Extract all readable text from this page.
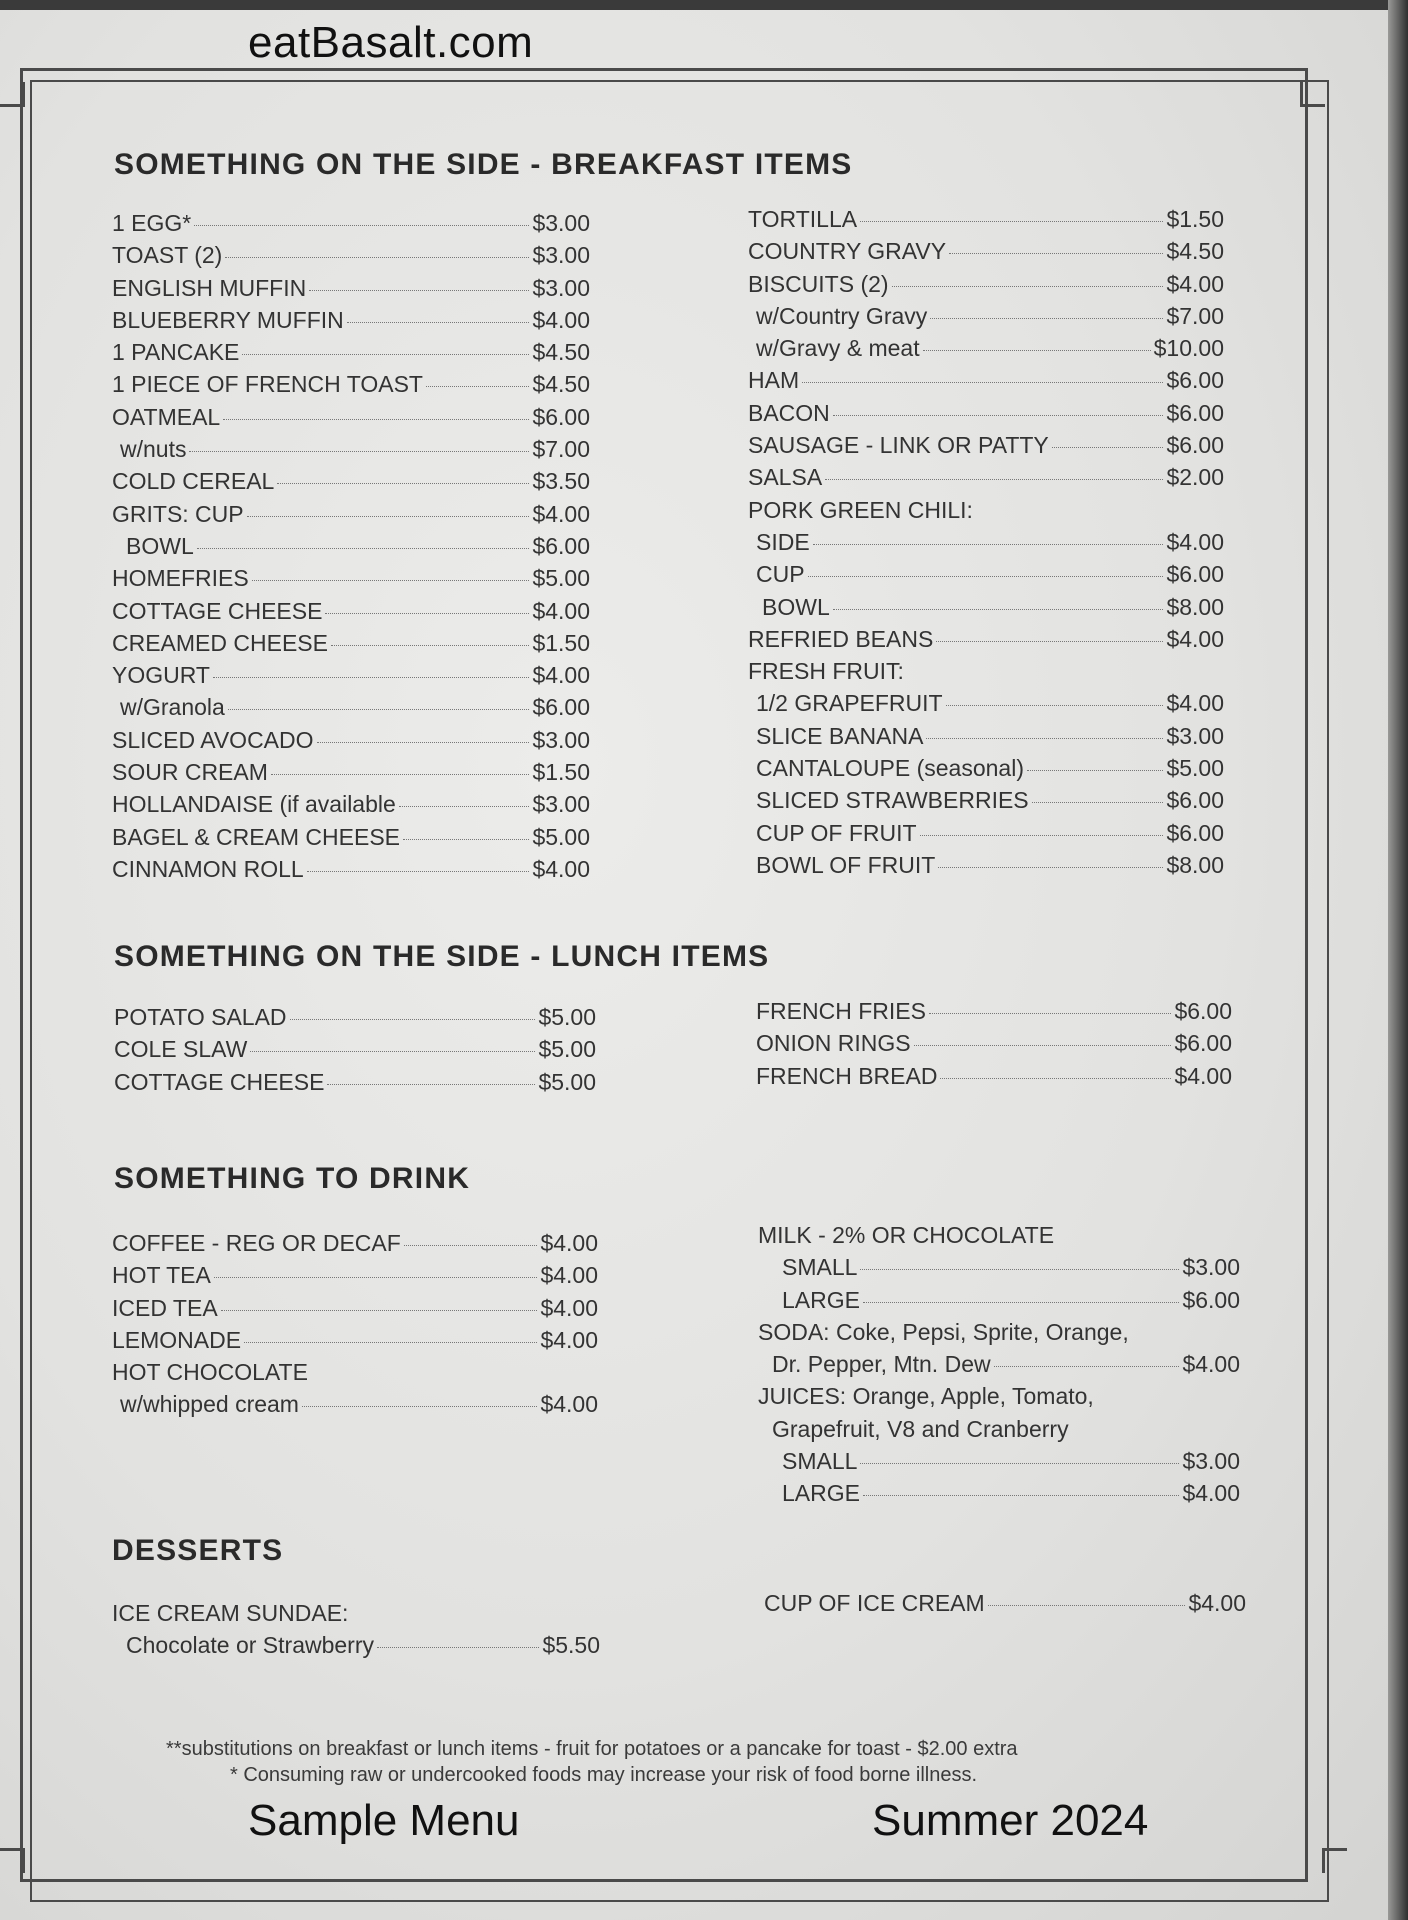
eatBasalt.com
SOMETHING ON THE SIDE - BREAKFAST ITEMS
1 EGG*	$3.00
TOAST (2)	$3.00
ENGLISH MUFFIN	$3.00
BLUEBERRY MUFFIN	$4.00
1 PANCAKE	$4.50
1 PIECE OF FRENCH TOAST	$4.50
OATMEAL	$6.00
w/nuts	$7.00
COLD CEREAL	$3.50
GRITS: CUP	$4.00
BOWL	$6.00
HOMEFRIES	$5.00
COTTAGE CHEESE	$4.00
CREAMED CHEESE	$1.50
YOGURT	$4.00
w/Granola	$6.00
SLICED AVOCADO	$3.00
SOUR CREAM	$1.50
HOLLANDAISE (if available	$3.00
BAGEL & CREAM CHEESE	$5.00
CINNAMON ROLL	$4.00
TORTILLA	$1.50
COUNTRY GRAVY	$4.50
BISCUITS (2)	$4.00
w/Country Gravy	$7.00
w/Gravy & meat	$10.00
HAM	$6.00
BACON	$6.00
SAUSAGE - LINK OR PATTY	$6.00
SALSA	$2.00
PORK GREEN CHILI:
SIDE	$4.00
CUP	$6.00
BOWL	$8.00
REFRIED BEANS	$4.00
FRESH FRUIT:
1/2 GRAPEFRUIT	$4.00
SLICE BANANA	$3.00
CANTALOUPE (seasonal)	$5.00
SLICED STRAWBERRIES	$6.00
CUP OF FRUIT	$6.00
BOWL OF FRUIT	$8.00
SOMETHING ON THE SIDE - LUNCH ITEMS
POTATO SALAD	$5.00
COLE SLAW	$5.00
COTTAGE CHEESE	$5.00
FRENCH FRIES	$6.00
ONION RINGS	$6.00
FRENCH BREAD	$4.00
SOMETHING TO DRINK
COFFEE - REG OR DECAF	$4.00
HOT TEA	$4.00
ICED TEA	$4.00
LEMONADE	$4.00
HOT CHOCOLATE
w/whipped cream	$4.00
MILK - 2% OR CHOCOLATE
SMALL	$3.00
LARGE	$6.00
SODA: Coke, Pepsi, Sprite, Orange,
Dr. Pepper, Mtn. Dew	$4.00
JUICES: Orange, Apple, Tomato,
Grapefruit, V8 and Cranberry
SMALL	$3.00
LARGE	$4.00
DESSERTS
ICE CREAM SUNDAE:
Chocolate or Strawberry	$5.50
CUP OF ICE CREAM	$4.00
**substitutions on breakfast or lunch items - fruit for potatoes or a pancake for toast - $2.00 extra
* Consuming raw or undercooked foods may increase your risk of food borne illness.
Sample Menu	Summer 2024
